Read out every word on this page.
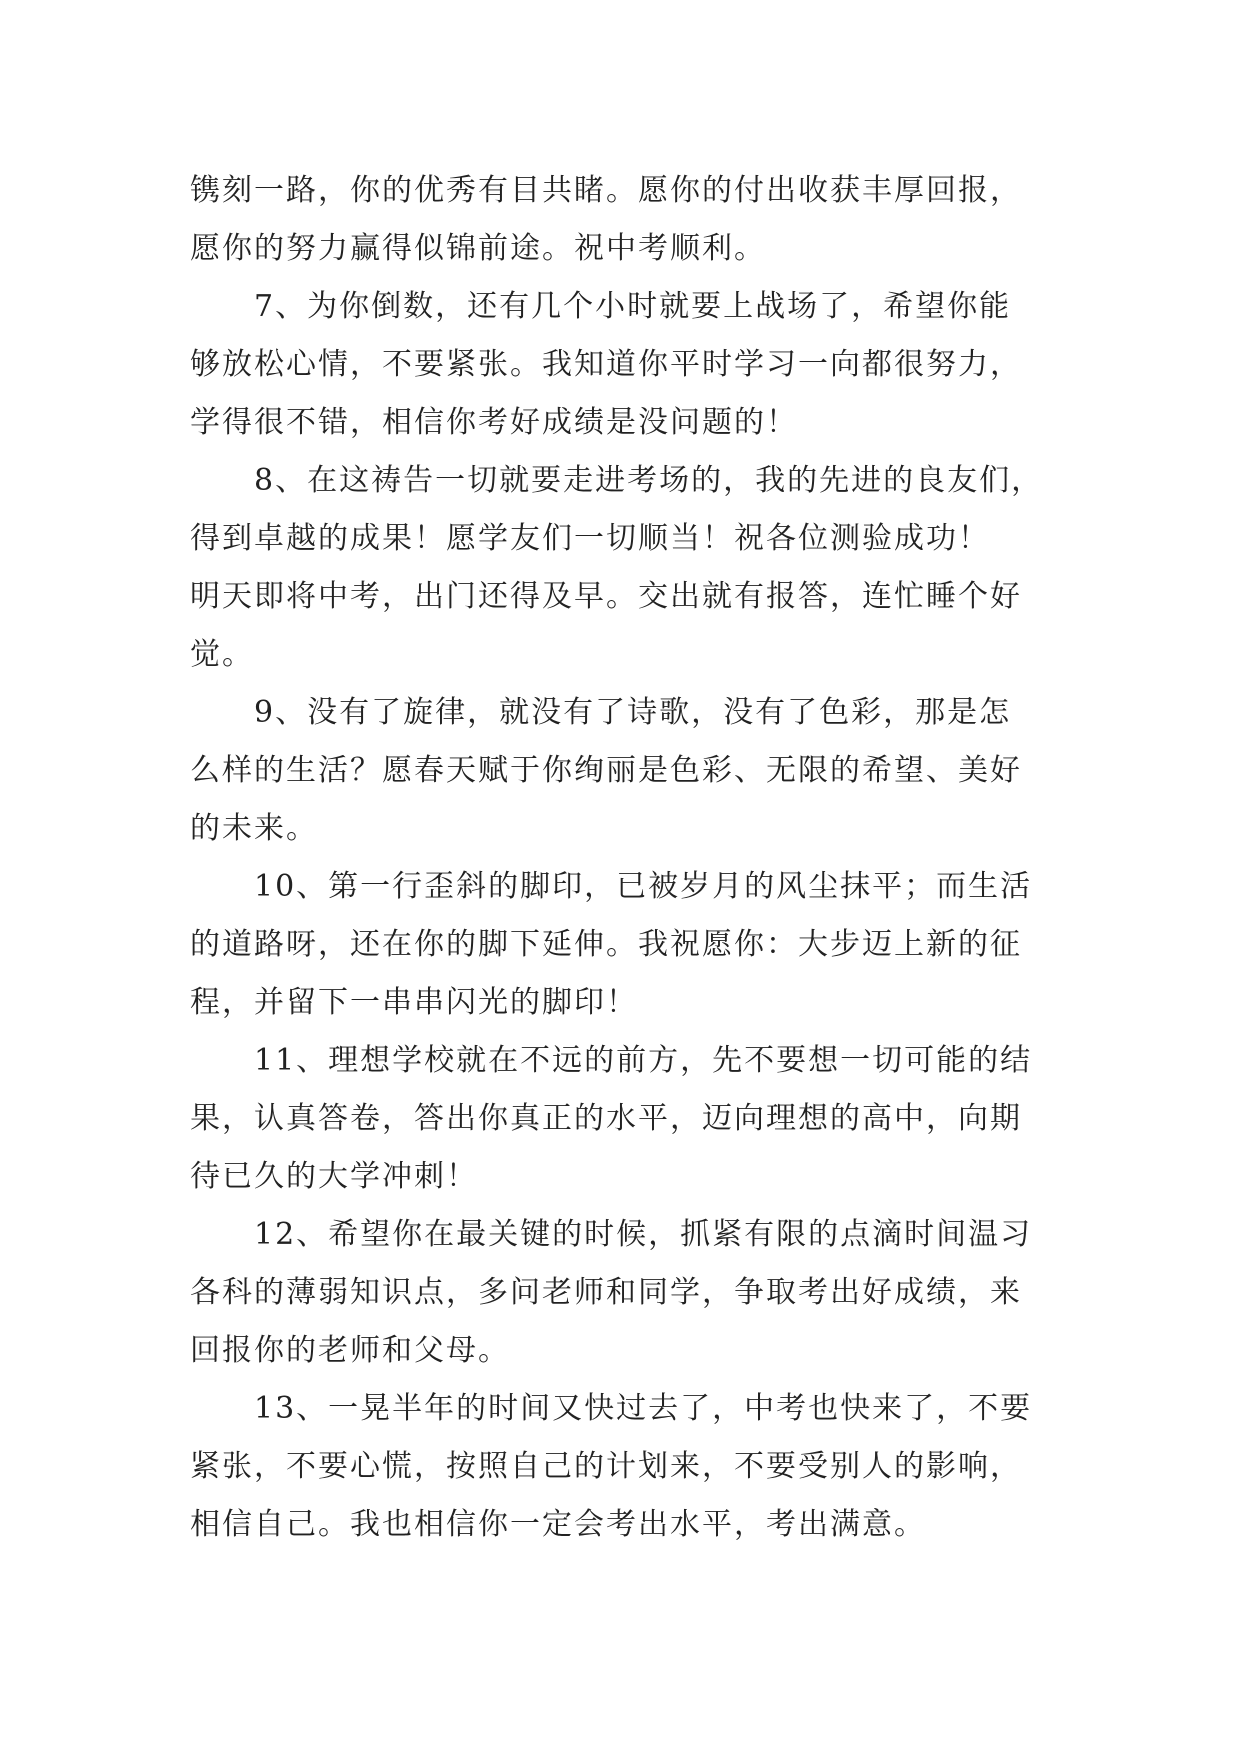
镌刻一路，你的优秀有目共睹。愿你的付出收获丰厚回报，
愿你的努力赢得似锦前途。祝中考顺利。
　　7、为你倒数，还有几个小时就要上战场了，希望你能
够放松心情，不要紧张。我知道你平时学习一向都很努力，
学得很不错，相信你考好成绩是没问题的！
　　8、在这祷告一切就要走进考场的，我的先进的良友们，
得到卓越的成果！愿学友们一切顺当！祝各位测验成功！
明天即将中考，出门还得及早。交出就有报答，连忙睡个好
觉。
　　9、没有了旋律，就没有了诗歌，没有了色彩，那是怎
么样的生活？愿春天赋于你绚丽是色彩、无限的希望、美好
的未来。
　　10、第一行歪斜的脚印，已被岁月的风尘抹平；而生活
的道路呀，还在你的脚下延伸。我祝愿你：大步迈上新的征
程，并留下一串串闪光的脚印！
　　11、理想学校就在不远的前方，先不要想一切可能的结
果，认真答卷，答出你真正的水平，迈向理想的高中，向期
待已久的大学冲刺！
　　12、希望你在最关键的时候，抓紧有限的点滴时间温习
各科的薄弱知识点，多问老师和同学，争取考出好成绩，来
回报你的老师和父母。
　　13、一晃半年的时间又快过去了，中考也快来了，不要
紧张，不要心慌，按照自己的计划来，不要受别人的影响，
相信自己。我也相信你一定会考出水平，考出满意。
